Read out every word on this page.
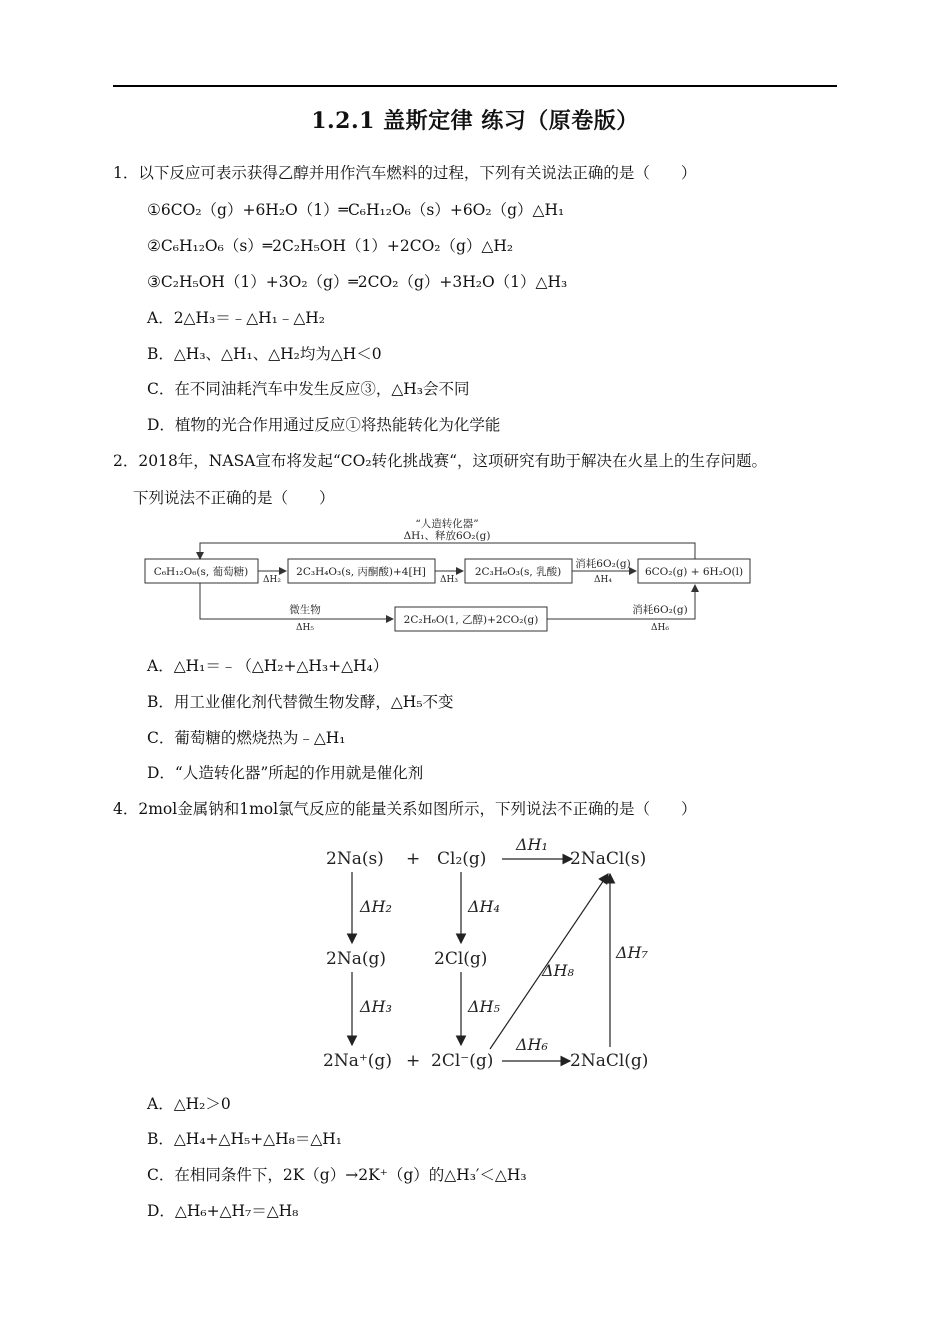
1.2.1 盖斯定律 练习（原卷版）
1．以下反应可表示获得乙醇并用作汽车燃料的过程，下列有关说法正确的是（　　）
①6CO₂（g）+6H₂O（1）═C₆H₁₂O₆（s）+6O₂（g）△H₁
②C₆H₁₂O₆（s）═2C₂H₅OH（1）+2CO₂（g）△H₂
③C₂H₅OH（1）+3O₂（g）═2CO₂（g）+3H₂O（1）△H₃
A．2△H₃＝﹣△H₁﹣△H₂
B．△H₃、△H₁、△H₂均为△H＜0
C．在不同油耗汽车中发生反应③，△H₃会不同
D．植物的光合作用通过反应①将热能转化为化学能
2．2018年，NASA宣布将发起“CO₂转化挑战赛“，这项研究有助于解决在火星上的生存问题。
下列说法不正确的是（　　）
“人造转化器”
ΔH₁、释放6O₂(g)
C₆H₁₂O₆(s, 葡萄糖)	2C₃H₄O₃(s, 丙酮酸)+4[H]	2C₃H₆O₃(s, 乳酸)	6CO₂(g) + 6H₂O(l)
2C₂H₆O(1, 乙醇)+2CO₂(g)
ΔH₂	ΔH₃
消耗6O₂(g)
ΔH₄
微生物
ΔH₅
消耗6O₂(g)
ΔH₆
A．△H₁＝﹣（△H₂+△H₃+△H₄）
B．用工业催化剂代替微生物发酵，△H₅不变
C．葡萄糖的燃烧热为﹣△H₁
D．“人造转化器”所起的作用就是催化剂
4．2mol金属钠和1mol氯气反应的能量关系如图所示，下列说法不正确的是（　　）
2Na(s) + Cl₂(g)	2NaCl(s)
2Na(g)	2Cl(g)
2Na⁺(g) + 2Cl⁻(g)	2NaCl(g)
ΔH₁
ΔH₂	ΔH₄
ΔH₃	ΔH₅
ΔH₆
ΔH₇
ΔH₈
A．△H₂＞0
B．△H₄+△H₅+△H₈＝△H₁
C．在相同条件下，2K（g）→2K⁺（g）的△H₃′＜△H₃
D．△H₆+△H₇＝△H₈
